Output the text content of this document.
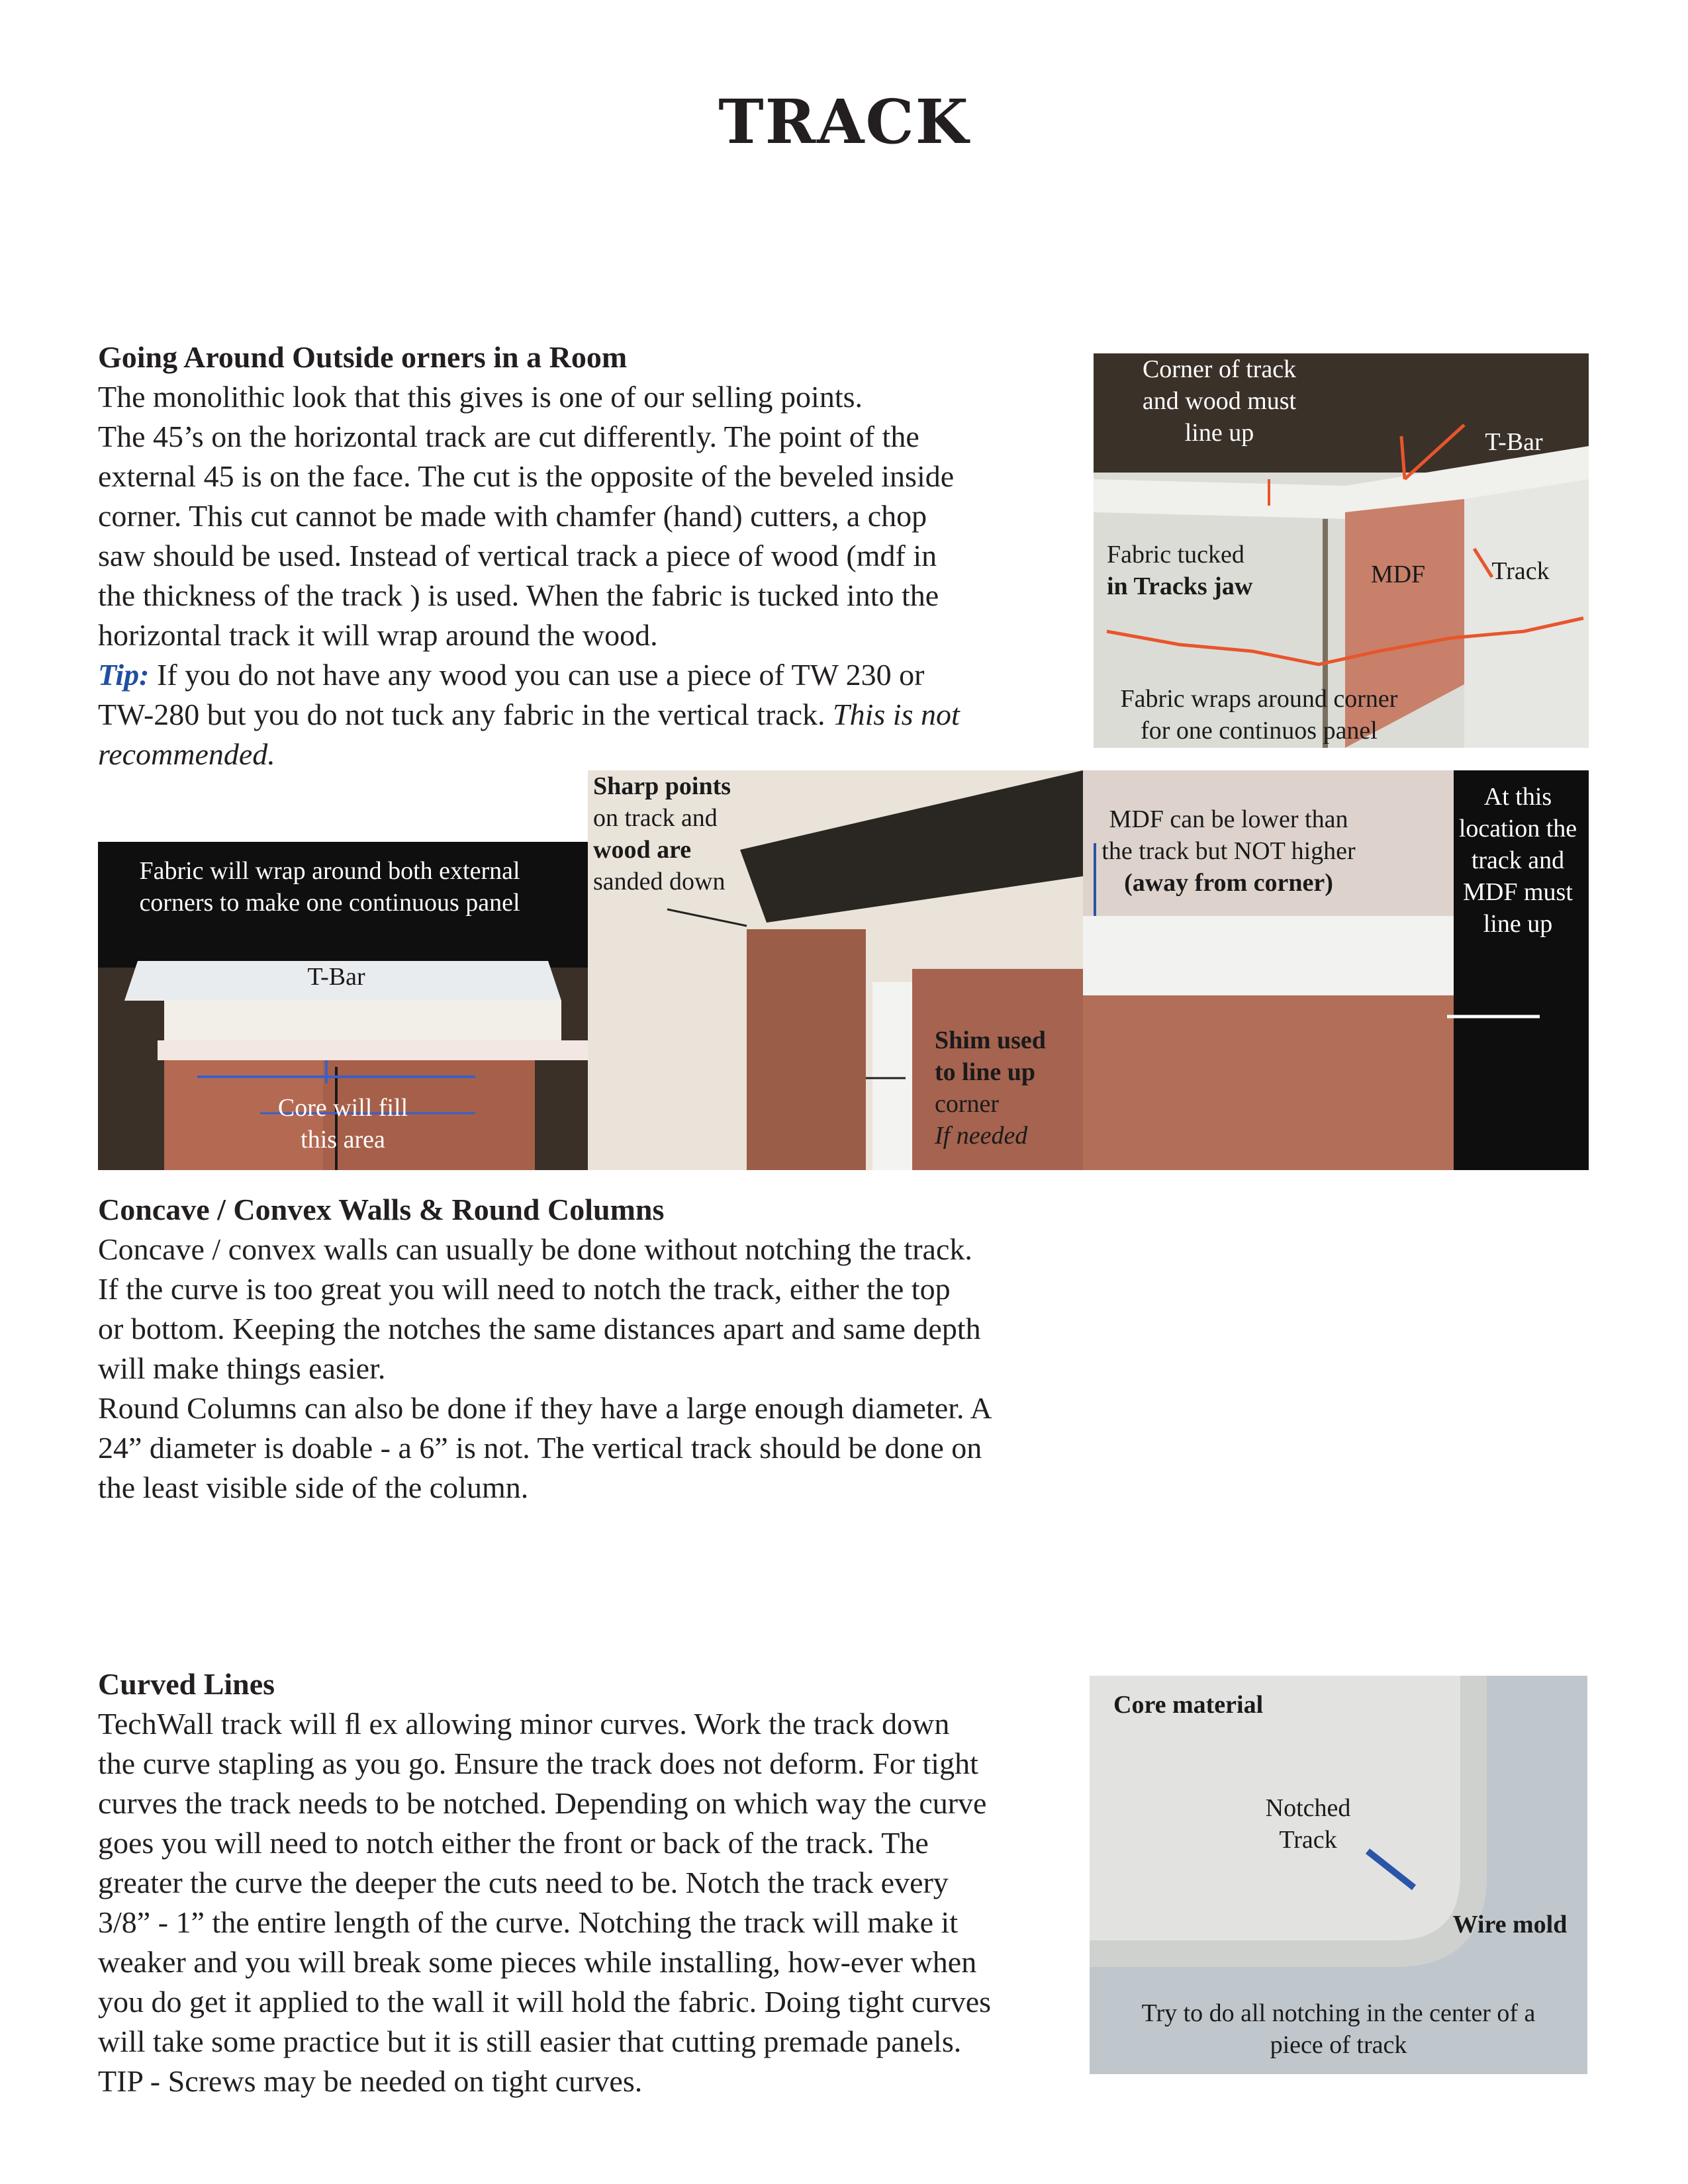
TRACK
Going Around Outside orners in a Room
The monolithic look that this gives is one of our selling points.
The 45’s on the horizontal track are cut differently. The point of the
external 45 is on the face. The cut is the opposite of the beveled inside
corner. This cut cannot be made with chamfer (hand) cutters, a chop
saw should be used. Instead of vertical track a piece of wood (mdf in
the thickness of the track ) is used. When the fabric is tucked into the
horizontal track it will wrap around the wood.
Tip: If you do not have any wood you can use a piece of TW 230 or
TW-280 but you do not tuck any fabric in the vertical track. This is not
recommended.
Corner of track
and wood must
line up	T-Bar
Track
MDF
Fabric tucked
in Tracks jaw
Fabric wraps around corner
for one continuos panel
Fabric will wrap around both external
corners to make one continuous panel
T-Bar
Core will fill
this area
Sharp points
on track and
wood are
sanded down
Shim used
to line up
corner
If needed
MDF can be lower than
the track but NOT higher
(away from corner)
At this
location the
track and
MDF must
line up
Concave / Convex Walls & Round Columns
Concave / convex walls can usually be done without notching the track.
If the curve is too great you will need to notch the track, either the top
or bottom. Keeping the notches the same distances apart and same depth
will make things easier.
Round Columns can also be done if they have a large enough diameter. A
24” diameter is doable - a 6” is not. The vertical track should be done on
the least visible side of the column.
Curved Lines
TechWall track will ﬂ ex allowing minor curves. Work the track down
the curve stapling as you go. Ensure the track does not deform. For tight
curves the track needs to be notched. Depending on which way the curve
goes you will need to notch either the front or back of the track. The
greater the curve the deeper the cuts need to be. Notch the track every
3/8” - 1” the entire length of the curve. Notching the track will make it
weaker and you will break some pieces while installing, how-ever when
you do get it applied to the wall it will hold the fabric. Doing tight curves
will take some practice but it is still easier that cutting premade panels.
TIP - Screws may be needed on tight curves.
Core material
Notched
Track
Wire mold
Try to do all notching in the center of a
piece of track
